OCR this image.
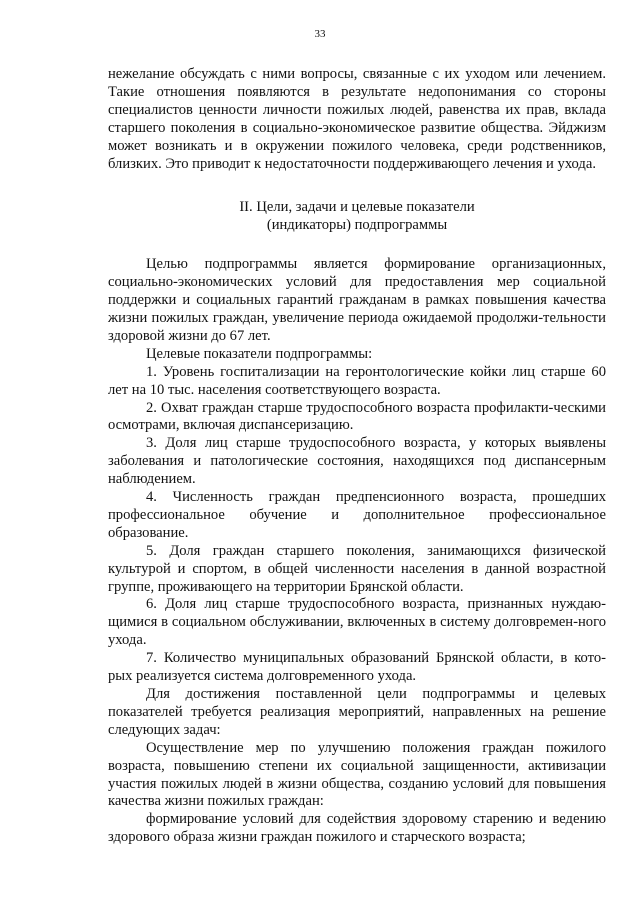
33

нежелание обсуждать с ними вопросы, связанные с их уходом или лечением. Такие отношения появляются в результате недопонимания со стороны специалистов ценности личности пожилых людей, равенства их прав, вклада старшего поколения в социально-экономическое развитие общества. Эйджизм может возникать и в окружении пожилого человека, среди родственников, близких. Это приводит к недостаточности поддерживающего лечения и ухода.

II. Цели, задачи и целевые показатели
(индикаторы) подпрограммы

Целью подпрограммы является формирование организационных, социально-экономических условий для предоставления мер социальной поддержки и социальных гарантий гражданам в рамках повышения качества жизни пожилых граждан, увеличение периода ожидаемой продолжи-тельности здоровой жизни до 67 лет.

Целевые показатели подпрограммы:

1. Уровень госпитализации на геронтологические койки лиц старше 60 лет на 10 тыс. населения соответствующего возраста.

2. Охват граждан старше трудоспособного возраста профилакти-ческими осмотрами, включая диспансеризацию.

3. Доля лиц старше трудоспособного возраста, у которых выявлены заболевания и патологические состояния, находящихся под диспансерным наблюдением.

4. Численность граждан предпенсионного возраста, прошедших профессиональное обучение и дополнительное профессиональное образование.

5. Доля граждан старшего поколения, занимающихся физической культурой и спортом, в общей численности населения в данной возрастной группе, проживающего на территории Брянской области.

6. Доля лиц старше трудоспособного возраста, признанных нуждаю-щимися в социальном обслуживании, включенных в систему долговремен-ного ухода.

7. Количество муниципальных образований Брянской области, в кото-рых реализуется система долговременного ухода.

Для достижения поставленной цели подпрограммы и целевых показателей требуется реализация мероприятий, направленных на решение следующих задач:

Осуществление мер по улучшению положения граждан пожилого возраста, повышению степени их социальной защищенности, активизации участия пожилых людей в жизни общества, созданию условий для повышения качества жизни пожилых граждан:

формирование условий для содействия здоровому старению и ведению здорового образа жизни граждан пожилого и старческого возраста;
